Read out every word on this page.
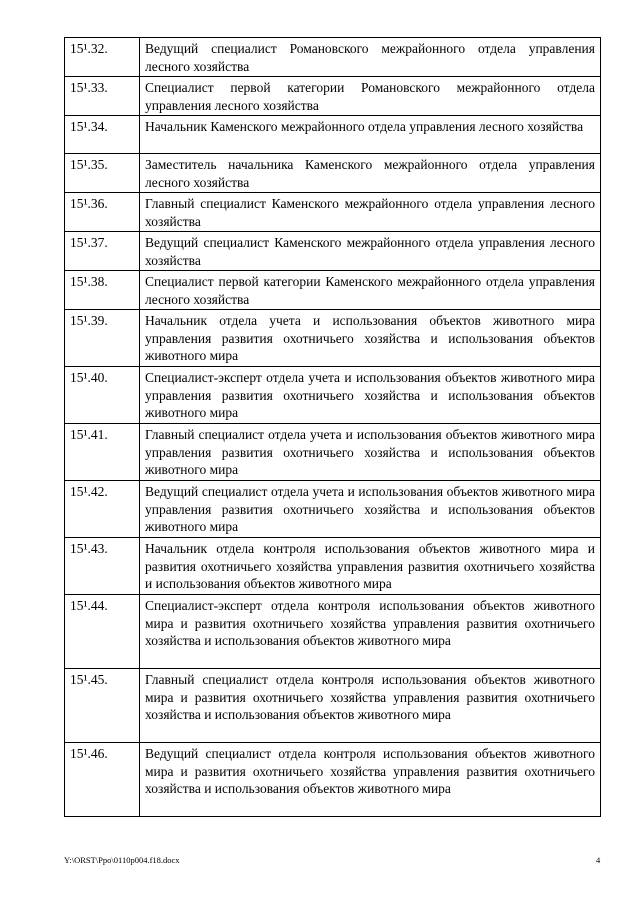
15¹.32.	Ведущий специалист Романовского межрайонного отдела управления лесного хозяйства
15¹.33.	Специалист первой категории Романовского межрайонного отдела управления лесного хозяйства
15¹.34.	Начальник Каменского межрайонного отдела управления лесного хозяйства
15¹.35.	Заместитель начальника Каменского межрайонного отдела управления лесного хозяйства
15¹.36.	Главный специалист Каменского межрайонного отдела управления лесного хозяйства
15¹.37.	Ведущий специалист Каменского межрайонного отдела управления лесного хозяйства
15¹.38.	Специалист первой категории Каменского межрайонного отдела управления лесного хозяйства
15¹.39.	Начальник отдела учета и использования объектов животного мира управления развития охотничьего хозяйства и использования объектов животного мира
15¹.40.	Специалист-эксперт отдела учета и использования объектов животного мира управления развития охотничьего хозяйства и использования объектов животного мира
15¹.41.	Главный специалист отдела учета и использования объектов животного мира управления развития охотничьего хозяйства и использования объектов животного мира
15¹.42.	Ведущий специалист отдела учета и использования объектов животного мира управления развития охотничьего хозяйства и использования объектов животного мира
15¹.43.	Начальник отдела контроля использования объектов животного мира и развития охотничьего хозяйства управления развития охотничьего хозяйства и использования объектов животного мира
15¹.44.	Специалист-эксперт отдела контроля использования объектов животного мира и развития охотничьего хозяйства управления развития охотничьего хозяйства и использования объектов животного мира
15¹.45.	Главный специалист отдела контроля использования объектов животного мира и развития охотничьего хозяйства управления развития охотничьего хозяйства и использования объектов животного мира
15¹.46.	Ведущий специалист отдела контроля использования объектов животного мира и развития охотничьего хозяйства управления развития охотничьего хозяйства и использования объектов животного мира
Y:\ORST\Ppo\0110p004.f18.docx	4
